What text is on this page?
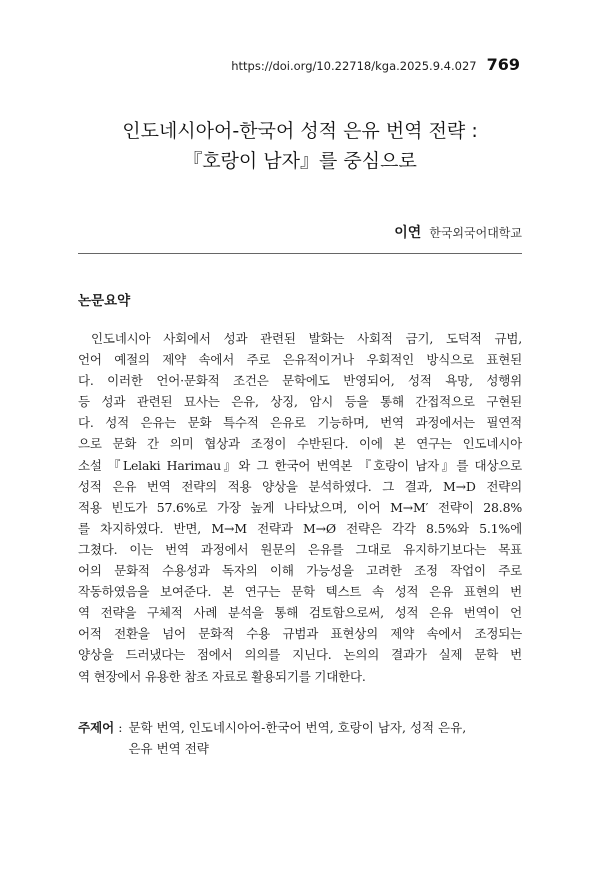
https://doi.org/10.22718/kga.2025.9.4.027 769
인도네시아어-한국어 성적 은유 번역 전략 :
『호랑이 남자』를 중심으로
이연 한국외국어대학교
논문요약
인도네시아 사회에서 성과 관련된 발화는 사회적 금기, 도덕적 규범,
언어 예절의 제약 속에서 주로 은유적이거나 우회적인 방식으로 표현된
다. 이러한 언어·문화적 조건은 문학에도 반영되어, 성적 욕망, 성행위
등 성과 관련된 묘사는 은유, 상징, 암시 등을 통해 간접적으로 구현된
다. 성적 은유는 문화 특수적 은유로 기능하며, 번역 과정에서는 필연적
으로 문화 간 의미 협상과 조정이 수반된다. 이에 본 연구는 인도네시아
소설 『Lelaki Harimau』와 그 한국어 번역본 『호랑이 남자』를 대상으로
성적 은유 번역 전략의 적용 양상을 분석하였다. 그 결과, M→D 전략의
적용 빈도가 57.6%로 가장 높게 나타났으며, 이어 M→M′ 전략이 28.8%
를 차지하였다. 반면, M→M 전략과 M→Ø 전략은 각각 8.5%와 5.1%에
그쳤다. 이는 번역 과정에서 원문의 은유를 그대로 유지하기보다는 목표
어의 문화적 수용성과 독자의 이해 가능성을 고려한 조정 작업이 주로
작동하였음을 보여준다. 본 연구는 문학 텍스트 속 성적 은유 표현의 번
역 전략을 구체적 사례 분석을 통해 검토함으로써, 성적 은유 번역이 언
어적 전환을 넘어 문화적 수용 규범과 표현상의 제약 속에서 조정되는
양상을 드러냈다는 점에서 의의를 지닌다. 논의의 결과가 실제 문학 번
역 현장에서 유용한 참조 자료로 활용되기를 기대한다.
주제어 : 문학 번역, 인도네시아어-한국어 번역, 호랑이 남자, 성적 은유,
은유 번역 전략
